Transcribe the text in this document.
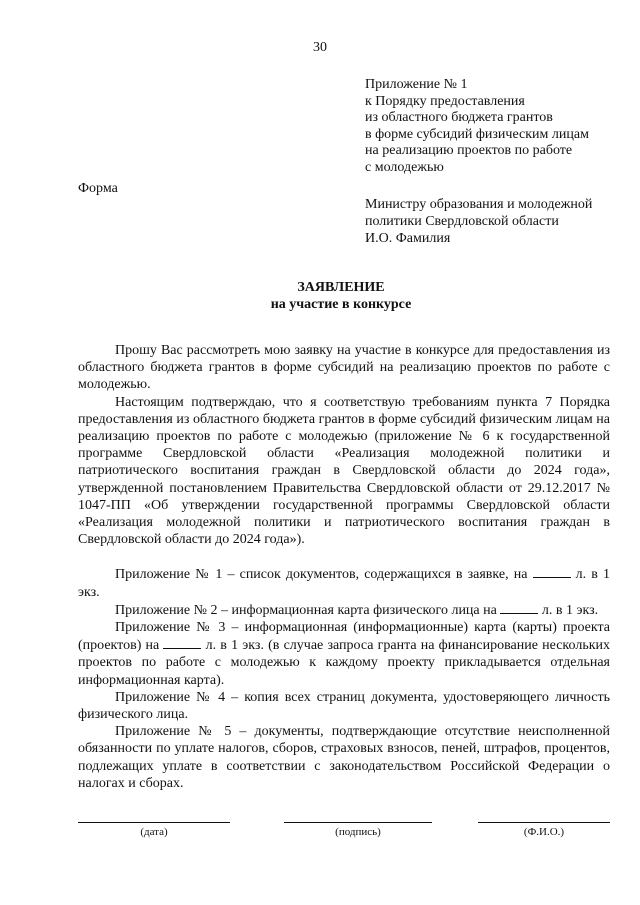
30
Приложение № 1
к Порядку предоставления
из областного бюджета грантов
в форме субсидий физическим лицам
на реализацию проектов по работе
с молодежью
Форма
Министру образования и молодежной
политики Свердловской области
И.О. Фамилия
ЗАЯВЛЕНИЕ
на участие в конкурсе

Прошу Вас рассмотреть мою заявку на участие в конкурсе для предоставления из областного бюджета грантов в форме субсидий на реализацию проектов по работе с молодежью.

Настоящим подтверждаю, что я соответствую требованиям пункта 7 Порядка предоставления из областного бюджета грантов в форме субсидий физическим лицам на реализацию проектов по работе с молодежью (приложение № 6 к государственной программе Свердловской области «Реализация молодежной политики и патриотического воспитания граждан в Свердловской области до 2024 года», утвержденной постановлением Правительства Свердловской области от 29.12.2017 № 1047-ПП «Об утверждении государственной программы Свердловской области «Реализация молодежной политики и патриотического воспитания граждан в Свердловской области до 2024 года»).

Приложение № 1 – список документов, содержащихся в заявке, на	л. в 1 экз.

Приложение № 2 – информационная карта физического лица на	л. в 1 экз.

Приложение № 3 – информационная (информационные) карта (карты) проекта (проектов) на	л. в 1 экз. (в случае запроса гранта на финансирование нескольких проектов по работе с молодежью к каждому проекту прикладывается отдельная информационная карта).

Приложение № 4 – копия всех страниц документа, удостоверяющего личность физического лица.

Приложение № 5 – документы, подтверждающие отсутствие неисполненной обязанности по уплате налогов, сборов, страховых взносов, пеней, штрафов, процентов, подлежащих уплате в соответствии с законодательством Российской Федерации о налогах и сборах.

(дата)	(подпись)	(Ф.И.О.)
